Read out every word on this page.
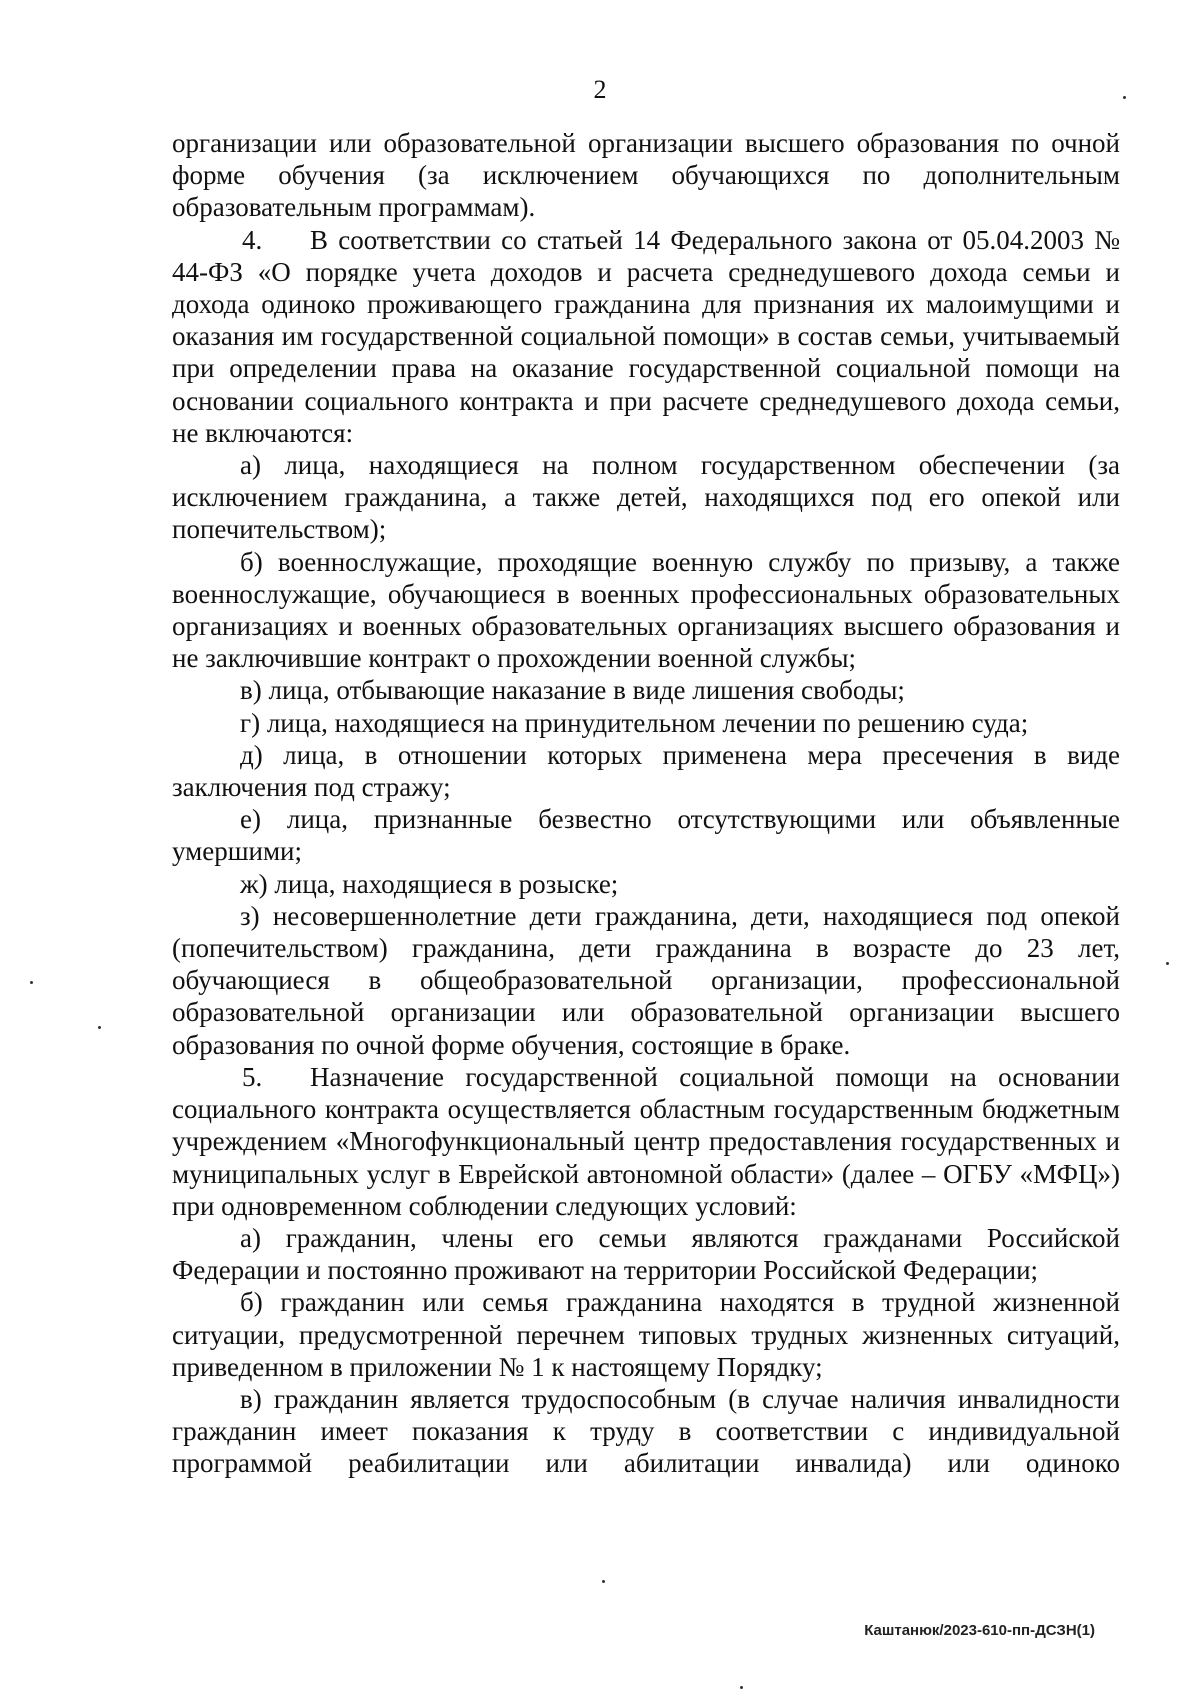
2

организации или образовательной организации высшего образования по очной форме обучения (за исключением обучающихся по дополнительным образовательным программам).

4. В соответствии со статьей 14 Федерального закона от 05.04.2003 № 44-ФЗ «О порядке учета доходов и расчета среднедушевого дохода семьи и дохода одиноко проживающего гражданина для признания их малоимущими и оказания им государственной социальной помощи» в состав семьи, учитываемый при определении права на оказание государственной социальной помощи на основании социального контракта и при расчете среднедушевого дохода семьи, не включаются:

а) лица, находящиеся на полном государственном обеспечении (за исключением гражданина, а также детей, находящихся под его опекой или попечительством);

б) военнослужащие, проходящие военную службу по призыву, а также военнослужащие, обучающиеся в военных профессиональных образовательных организациях и военных образовательных организациях высшего образования и не заключившие контракт о прохождении военной службы;

в) лица, отбывающие наказание в виде лишения свободы;

г) лица, находящиеся на принудительном лечении по решению суда;

д) лица, в отношении которых применена мера пресечения в виде заключения под стражу;

е) лица, признанные безвестно отсутствующими или объявленные умершими;

ж) лица, находящиеся в розыске;

з) несовершеннолетние дети гражданина, дети, находящиеся под опекой (попечительством) гражданина, дети гражданина в возрасте до 23 лет, обучающиеся в общеобразовательной организации, профессиональной образовательной организации или образовательной организации высшего образования по очной форме обучения, состоящие в браке.

5. Назначение государственной социальной помощи на основании социального контракта осуществляется областным государственным бюджетным учреждением «Многофункциональный центр предоставления государственных и муниципальных услуг в Еврейской автономной области» (далее – ОГБУ «МФЦ») при одновременном соблюдении следующих условий:

а) гражданин, члены его семьи являются гражданами Российской Федерации и постоянно проживают на территории Российской Федерации;

б) гражданин или семья гражданина находятся в трудной жизненной ситуации, предусмотренной перечнем типовых трудных жизненных ситуаций, приведенном в приложении № 1 к настоящему Порядку;

в) гражданин является трудоспособным (в случае наличия инвалидности гражданин имеет показания к труду в соответствии с индивидуальной программой реабилитации или абилитации инвалида) или одиноко

Каштанюк/2023-610-пп-ДСЗН(1)
